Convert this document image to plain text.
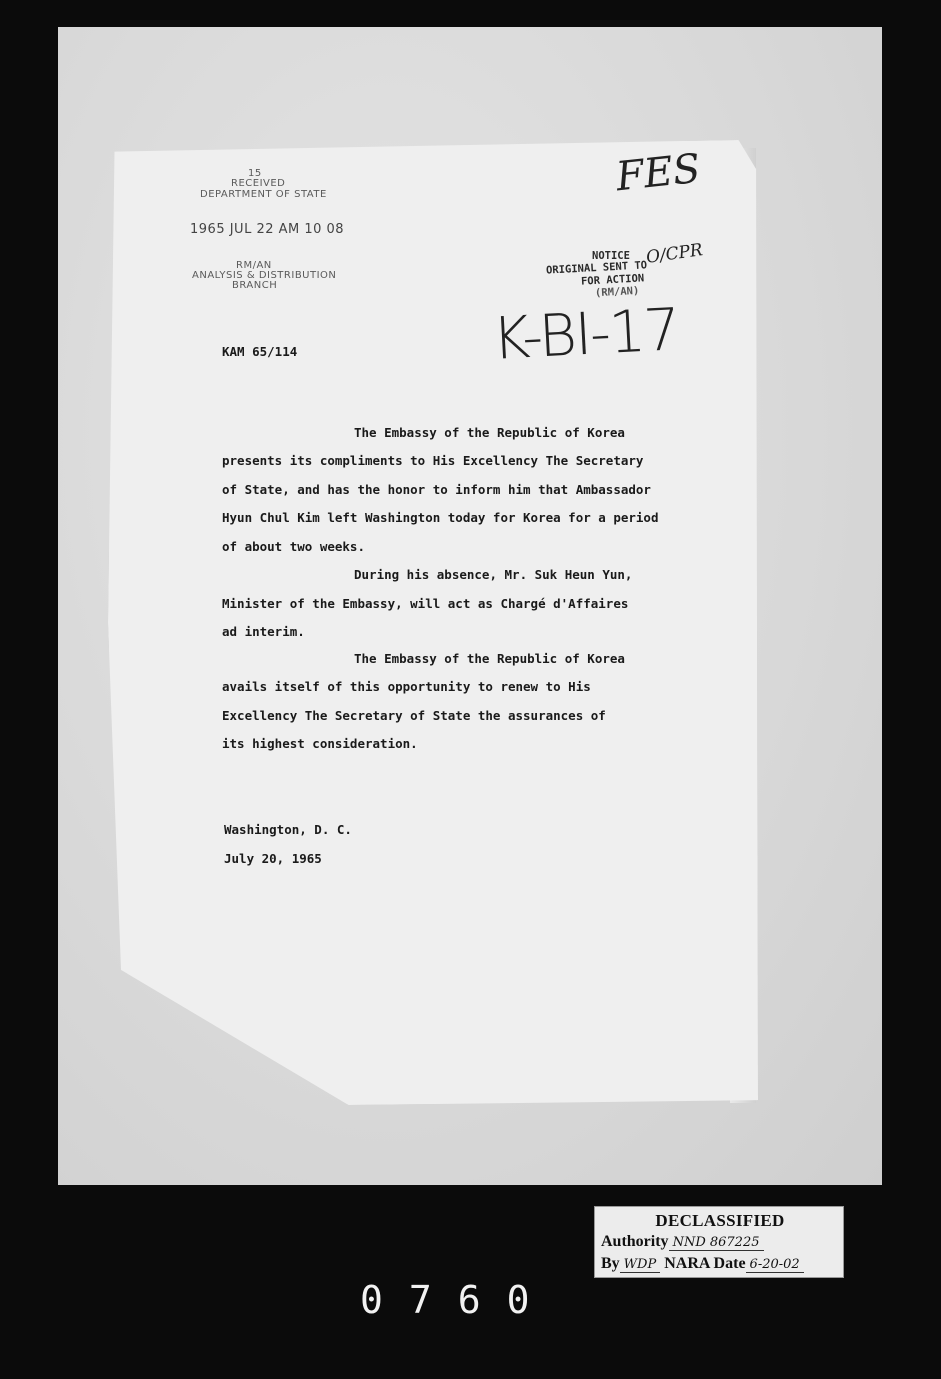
15
RECEIVED
DEPARTMENT OF STATE
1965 JUL 22 AM 10 08
RM/AN
ANALYSIS & DISTRIBUTION
BRANCH
FES
K-BI-17
NOTICE
ORIGINAL SENT TO
O/CPR
FOR ACTION
(RM/AN)
KAM 65/114
The Embassy of the Republic of Korea
presents its compliments to His Excellency The Secretary
of State, and has the honor to inform him that Ambassador
Hyun Chul Kim left Washington today for Korea for a period
of about two weeks.
During his absence, Mr. Suk Heun Yun,
Minister of the Embassy, will act as Chargé d'Affaires
ad interim.
The Embassy of the Republic of Korea
avails itself of this opportunity to renew to His
Excellency The Secretary of State the assurances of
its highest consideration.
Washington, D. C.
July 20, 1965
DECLASSIFIED
Authority NND 867225
By WDP NARA Date 6-20-02
0760
